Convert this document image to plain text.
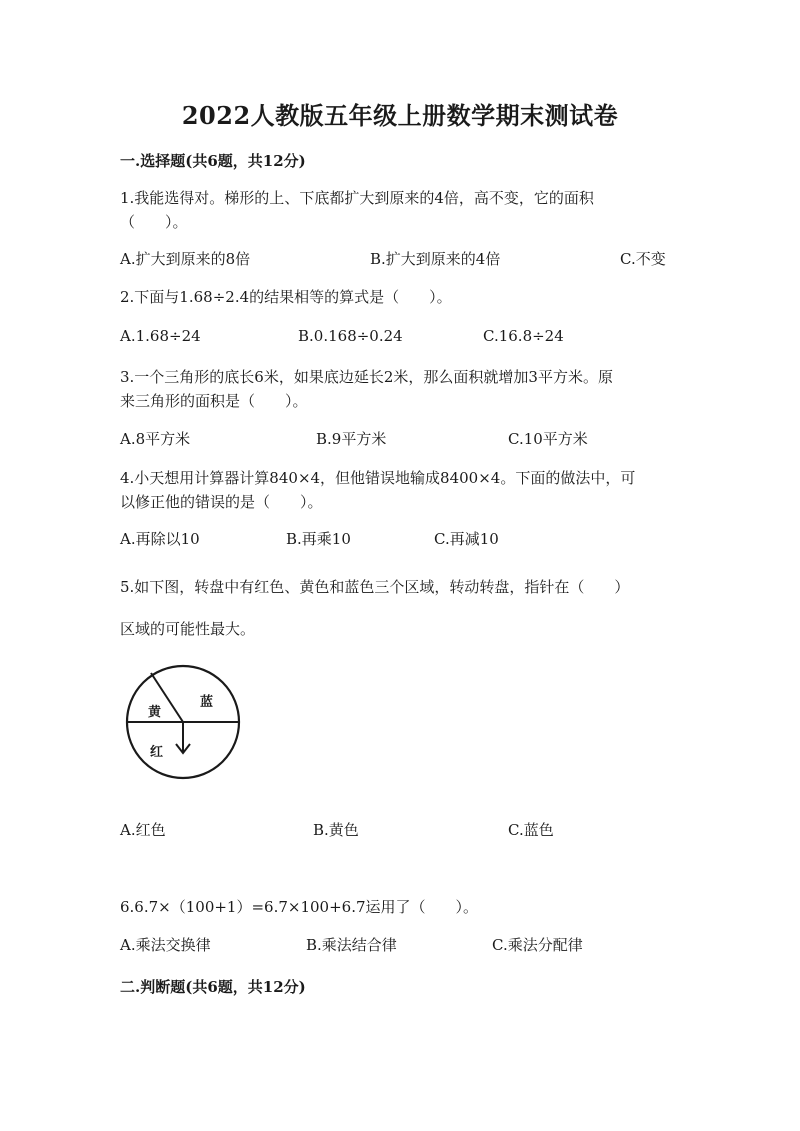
2022人教版五年级上册数学期末测试卷
一.选择题(共6题，共12分)
1.我能选得对。梯形的上、下底都扩大到原来的4倍，高不变，它的面积
（　　）。
A.扩大到原来的8倍	B.扩大到原来的4倍	C.不变
2.下面与1.68÷2.4的结果相等的算式是（　　）。
A.1.68÷24	B.0.168÷0.24	C.16.8÷24
3.一个三角形的底长6米，如果底边延长2米，那么面积就增加3平方米。原
来三角形的面积是（　　）。
A.8平方米	B.9平方米	C.10平方米
4.小天想用计算器计算840×4，但他错误地输成8400×4。下面的做法中，可
以修正他的错误的是（　　）。
A.再除以10	B.再乘10	C.再减10
5.如下图，转盘中有红色、黄色和蓝色三个区域，转动转盘，指针在（　　）
区域的可能性最大。
黄
蓝
红
A.红色	B.黄色	C.蓝色
6.6.7×（100+1）=6.7×100+6.7运用了（　　）。
A.乘法交换律	B.乘法结合律	C.乘法分配律
二.判断题(共6题，共12分)
